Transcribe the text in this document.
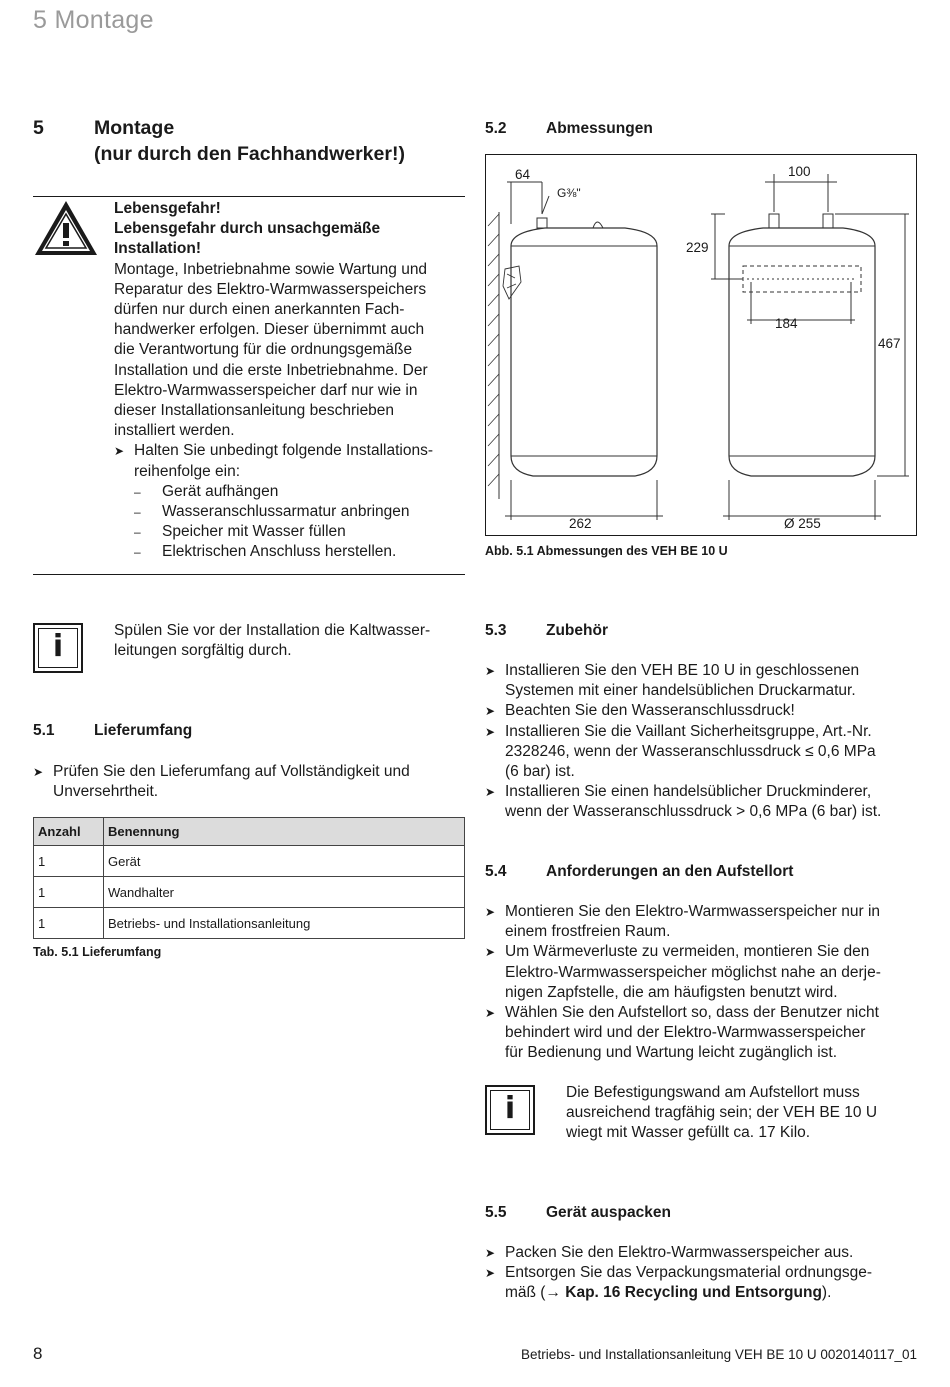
5 Montage
5	Montage
(nur durch den Fachhandwerker!)
Lebensgefahr!
Lebensgefahr durch unsachgemäße
Installation!
Montage, Inbetriebnahme sowie Wartung und
Reparatur des Elektro-Warmwasserspeichers
dürfen nur durch einen anerkannten Fach-
handwerker erfolgen. Dieser übernimmt auch
die Verantwortung für die ordnungsgemäße
Installation und die erste Inbetriebnahme. Der
Elektro-Warmwasserspeicher darf nur wie in
dieser Installationsanleitung beschrieben
installiert werden.
➤ Halten Sie unbedingt folgende Installations-
reihenfolge ein:
– Gerät aufhängen
– Wasseranschlussarmatur anbringen
– Speicher mit Wasser füllen
– Elektrischen Anschluss herstellen.
i	Spülen Sie vor der Installation die Kaltwasser-
leitungen sorgfältig durch.
5.1	Lieferumfang
➤ Prüfen Sie den Lieferumfang auf Vollständigkeit und
Unversehrtheit.
Anzahl	Benennung
1	Gerät
1	Wandhalter
1	Betriebs- und Installationsanleitung
Tab. 5.1 Lieferumfang
5.2	Abmessungen
64
G⅜"
100
229
184
467
262	Ø 255
Abb. 5.1 Abmessungen des VEH BE 10 U
5.3	Zubehör
➤ Installieren Sie den VEH BE 10 U in geschlossenen
Systemen mit einer handelsüblichen Druckarmatur.
➤ Beachten Sie den Wasseranschlussdruck!
➤ Installieren Sie die Vaillant Sicherheitsgruppe, Art.-Nr.
2328246, wenn der Wasseranschlussdruck ≤ 0,6 MPa
(6 bar) ist.
➤ Installieren Sie einen handelsüblicher Druckminderer,
wenn der Wasseranschlussdruck > 0,6 MPa (6 bar) ist.
5.4	Anforderungen an den Aufstellort
➤ Montieren Sie den Elektro-Warmwasserspeicher nur in
einem frostfreien Raum.
➤ Um Wärmeverluste zu vermeiden, montieren Sie den
Elektro-Warmwasserspeicher möglichst nahe an derje-
nigen Zapfstelle, die am häufigsten benutzt wird.
➤ Wählen Sie den Aufstellort so, dass der Benutzer nicht
behindert wird und der Elektro-Warmwasserspeicher
für Bedienung und Wartung leicht zugänglich ist.
i	Die Befestigungswand am Aufstellort muss
ausreichend tragfähig sein; der VEH BE 10 U
wiegt mit Wasser gefüllt ca. 17 Kilo.
5.5	Gerät auspacken
➤ Packen Sie den Elektro-Warmwasserspeicher aus.
➤ Entsorgen Sie das Verpackungsmaterial ordnungsge-
mäß (→ Kap. 16 Recycling und Entsorgung).
8	Betriebs- und Installationsanleitung VEH BE 10 U 0020140117_01
